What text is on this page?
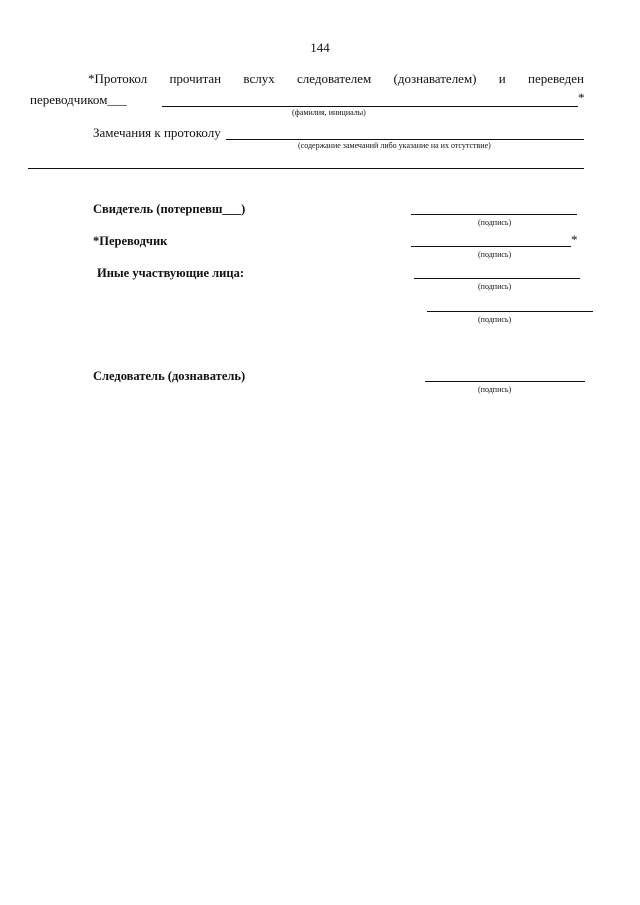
144
*Протокол прочитан вслух следователем (дознавателем) и переведен
переводчиком___	*
(фамилия, инициалы)
Замечания к протоколу
(содержание замечаний либо указание на их отсутствие)
Свидетель (потерпевш___)
(подпись)
*Переводчик	*
(подпись)
Иные участвующие лица:
(подпись)
(подпись)
Следователь (дознаватель)
(подпись)
